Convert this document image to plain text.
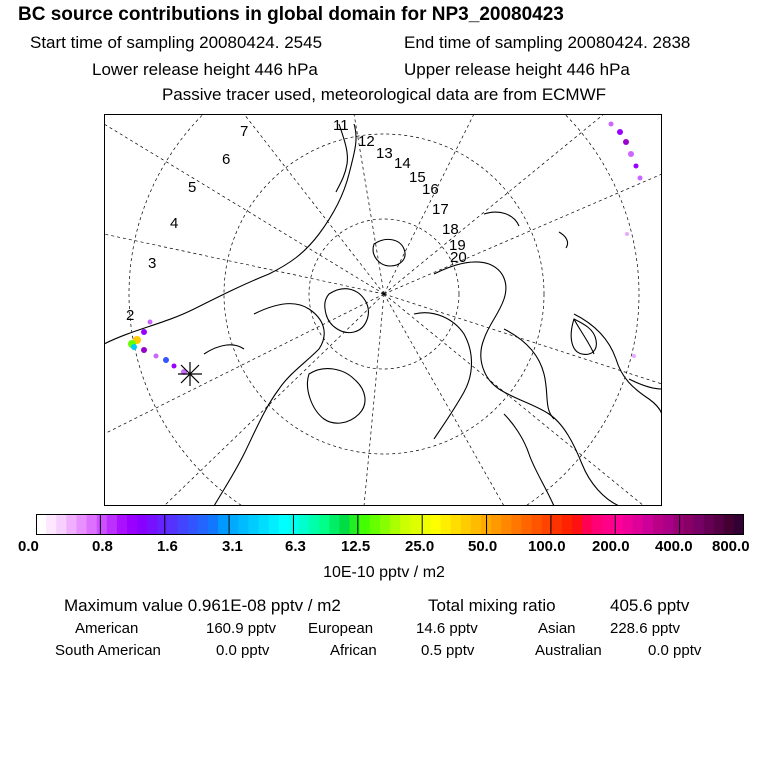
BC source contributions in global domain for NP3_20080423
Start time of sampling 20080424. 2545	End time of sampling 20080424. 2838
Lower release height 446 hPa	Upper release height 446 hPa
Passive tracer used, meteorological data are from ECMWF
2
3
4
5
6
7	11
12
13
14
15
16
17
18
19
20
0.0	0.8	1.6	3.1	6.3 12.5 25.0 50.0 100.0 200.0 400.0 800.0
10E-10 pptv / m2
Maximum value 0.961E-08 pptv / m2	Total mixing ratio	405.6 pptv
American	160.9 pptv European	14.6 pptv	Asian 228.6 pptv
South American	0.0 pptv	African	0.5 pptv	Australian	0.0 pptv
